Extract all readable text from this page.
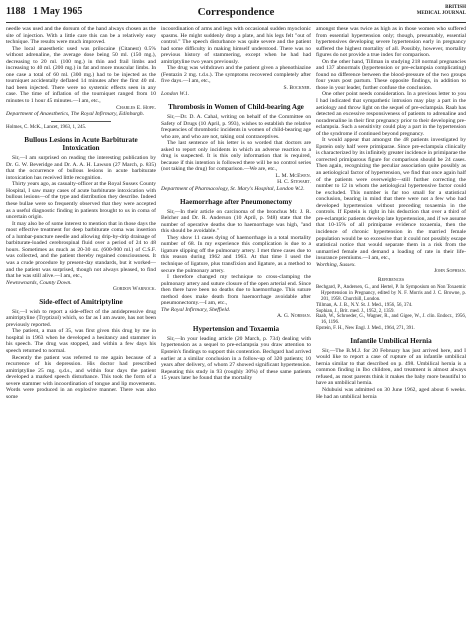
1188 1 May 1965	Correspondence	BRITISH
MEDICAL JOURNAL

needle was used and the dorsum of the hand always chosen as the site of injection. With a little care this can be a relatively easy technique. The results were much improved.

The local anaesthetic used was prilocaine (Citanest) 0.5% without adrenaline, the average dose being 50 ml. (150 mg.), decreasing to 20 ml. (100 mg.) in thin and frail limbs and increasing to 40 ml. (200 mg.) in fat and more muscular limbs. In one case a total of 60 ml. (300 mg.) had to be injected as the tourniquet accidentally deflated 14 minutes after the first 40 ml. had been injected. There were no systemic effects seen in any case. The time of inflation of the tourniquet ranged from 10 minutes to 1 hour 45 minutes.—I am, etc.,

Charles E. Hope.

Department of Anaesthetics, The Royal Infirmary, Edinburgh.

Holmes, C. McK., Lancet, 1963, 1, 245.

Bullous Lesions in Acute Barbiturate Intoxication

Sir,—I am surprised on reading the interesting publication by Dr. G. W. Beveridge and Dr. A. A. H. Lawson (27 March, p. 835) that the occurrence of bullous lesions in acute barbiturate intoxication has received little recognition.

Thirty years ago, as casualty-officer at the Royal Sussex County Hospital, I saw many cases of acute barbiturate intoxication with bullous lesions—of the type and distribution they describe. Indeed these bullae were so frequently observed that they were accepted as a useful diagnostic finding in patients brought to us in coma of uncertain origin.

It may also be of some interest to mention that in those days the most effective treatment for deep barbiturate coma was insertion of a lumbar-puncture needle and allowing drip-by-drip drainage of barbiturate-loaded cerebrospinal fluid over a period of 24 to 48 hours. Sometimes as much as 20-30 oz. (600-900 ml.) of C.S.F. was collected, and the patient thereby regained consciousness. It was a crude procedure by present-day standards, but it worked—and the patient was surprised, though not always pleased, to find that he was still alive.—I am, etc.,

Newtownards, County Down.

Gordon Warnock.

Side-effect of Amitriptyline

Sir,—I wish to report a side-effect of the antidepressive drug amitriptyline (Tryptizol) which, so far as I am aware, has not been previously reported.

The patient, a man of 35, was first given this drug by me in hospital in 1963 when he developed a hesitancy and stammer in his speech. The drug was stopped, and within a few days his speech returned to normal.

Recently the patient was referred to me again because of a recurrence of his depression. His doctor had prescribed amitriptyline 25 mg. q.d.s., and within four days the patient developed a marked speech disturbance. This took the form of a severe stammer with incoordination of tongue and lip movements. Words were produced in an explosive manner. There was also some

incoordination of arms and legs with occasional sudden myoclonic spasms. He might suddenly drop a plate, and his legs felt "out of control." The speech disturbance was quite severe and the patient had some difficulty in making himself understood. There was no previous history of stammering, except when he had had amitriptyline two years previously.

The drug was withdrawn and the patient given a phenothiazine (Fentazin 2 mg. t.d.s.). The symptoms recovered completely after five days.—I am, etc.,

S. Bockner.

London W.1.

Thrombosis in Women of Child-bearing Age

Sir,—Dr. D. A. Cahal, writing on behalf of the Committee on Safety of Drugs (10 April, p. 993), wishes to establish the relative frequencies of thrombotic incidents in women of child-bearing age who are, and who are not, taking oral contraceptives.

The last sentence of his letter is so worded that doctors are asked to report only incidents in which an adverse reaction to a drug is suspected. It is this only information that is required, because if this intention is followed there will be no control series (not taking the drug) for comparison.—We are, etc.,

L. M. McEwen.

H. C. Stewart.

Department of Pharmacology, St. Mary's Hospital, London W.2.

Haemorrhage after Pneumonectomy

Sir,—In their article on carcinoma of the bronchus Mr. J. R. Belcher and Dr. R. Anderson (10 April, p. 948) state that the number of operative deaths due to haemorrhage was high, "and this should be avoidable."

They show 11 cases dying of haemorrhage in a total mortality number of 68. In my experience this complication is due to a ligature slipping off the pulmonary artery. I met three cases due to this reason during 1962 and 1963. At that time I used the technique of ligature, plus transfixion and ligature, as a method to secure the pulmonary artery.

I therefore changed my technique to cross-clamping the pulmonary artery and suture closure of the open arterial end. Since then there have been no deaths due to haemorrhage. This suture method does make death from haemorrhage avoidable after pneumonectomy.—I am, etc.,

The Royal Infirmary, Sheffield.

A. G. Norman.

Hypertension and Toxaemia

Sir,—In your leading article (20 March, p. 734) dealing with hypertension as a sequel to pre-eclampsia you draw attention to Epstein's findings to support this contention. Bechgard had arrived earlier at a similar conclusion in a follow-up of 320 patients; 10 years after delivery, of whom 27 showed significant hypertension. Repeating this study in 93 (roughly 30%) of these same patients 15 years later he found that the mortality

amongst these was twice as high as in those women who suffered from essential hypertension only; though, presumably, essential hypertensives developing severe hypertension early in pregnancy suffered the highest mortality of all. Possibly, however, mortality figures do not provide a true index for comparison.

On the other hand, Tillman in studying 218 normal pregnancies and 137 abnormals (hypertension or pre-eclampsia complicating) found no difference between the blood-pressure of the two groups four years post partum. These opposite findings, in addition to those in your leader, further confuse the conclusion.

One other point needs consideration. In a previous letter to you I had indicated that sympathetic intrusion may play a part in the aetiology and throw light on the sequel of pre-eclampsia. Raab has detected an excessive responsiveness of patients to adrenaline and noradrenaline in their first pregnancy prior to their developing pre-eclampsia. Such a sensitivity could play a part in the hypertension of the syndrome if continued beyond pregnancy.

It would appear that amongst the 48 patients investigated by Epstein only half were primiparae. Since pre-eclampsia clinically is characterized by its infinitely greater incidence in primiparae the corrected primiparous figure for comparison should be 24 cases. Then again, recognizing the peculiar association quite possibly as an aetiological factor of hypertension, we find that once again half of the patients were overweight—still further correcting the number to 12 in whom the aetiological hypertensive factor could be excluded. This number is far too small for a statistical conclusion, bearing in mind that there were not a few who had developed hypertension without preceding toxaemia in the controls. If Epstein is right in his deduction that over a third of pre-eclamptic patients develop late hypertension, and if we assume that 10-15% of all primiparae evidence toxaemia, then the incidence of chronic hypertension in the married female population would be so excessive that it could not possibly escape statistical notice that would separate them in a risk from the unmarried female and demand a loading of rate in their life-insurance premiums.—I am, etc.,

Worthing, Sussex.

John Sophian.

References

Bechgard, P., Andersen, G., and Hertel, P. In Symposium on Non Toxaemic Hypertension in Pregnancy, edited by N. F. Morris and J. C. Browne, p. 201, 1958. Churchill, London.

Tillman, A. J. B., N.Y. St. J. Med., 1956, 56, 374.

Sophian, J., Brit. med. J., 1952, 2, 1359.

Raab, W., Schroeder, G., Wagner, R., and Gigee, W., J. clin. Endocr., 1956, 16, 1196.

Epstein, F. H., New Engl. J. Med., 1964, 271, 391.

Infantile Umbilical Hernia

Sir,—The B.M.J. for 20 February has just arrived here, and I would like to report a case of rupture of an infantile umbilical hernia similar to that described on p. 498. Umbilical hernia is a common finding in Ibo children, and treatment is almost always refused, as most parents think it makes the baby more beautiful to have an umbilical hernia.

Ndubuisi was admitted on 30 June 1962, aged about 6 weeks. He had an umbilical hernia
